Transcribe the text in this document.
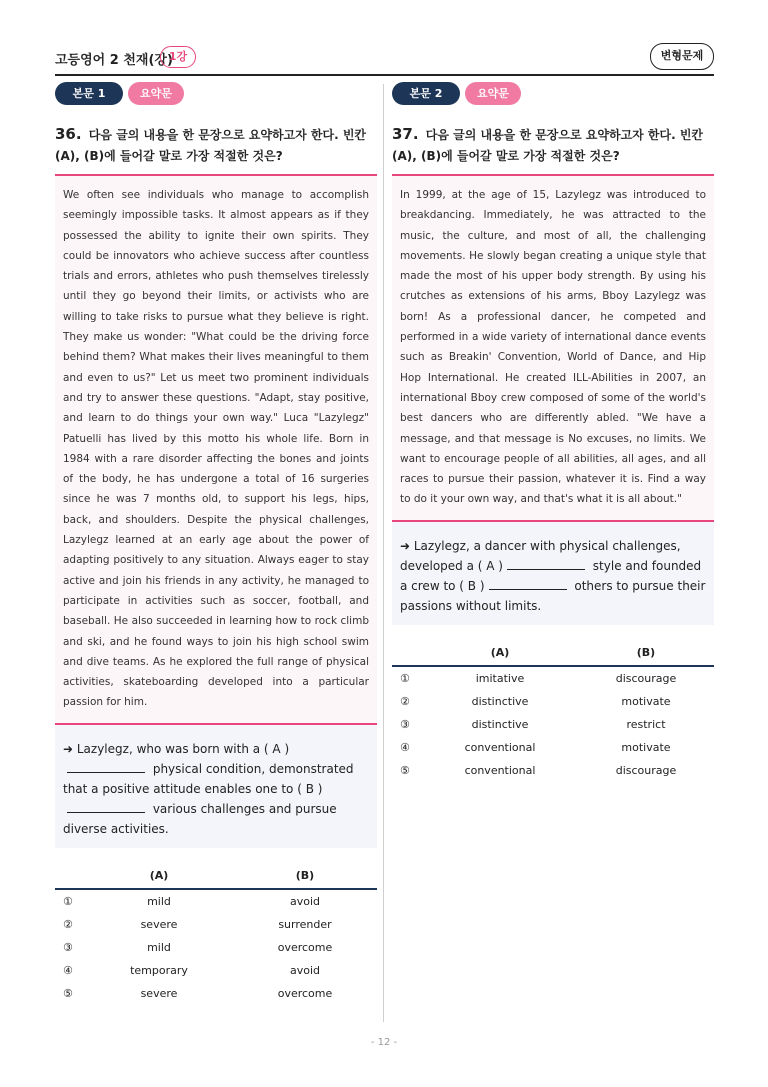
고등영어 2 천재(강)
1강	변형문제
본문 1	요약문
36. 다음 글의 내용을 한 문장으로 요약하고자 한다. 빈칸 (A), (B)에 들어갈 말로 가장 적절한 것은?
We often see individuals who manage to accomplish seemingly impossible tasks. It almost appears as if they possessed the ability to ignite their own spirits. They could be innovators who achieve success after countless trials and errors, athletes who push themselves tirelessly until they go beyond their limits, or activists who are willing to take risks to pursue what they believe is right. They make us wonder: "What could be the driving force behind them? What makes their lives meaningful to them and even to us?" Let us meet two prominent individuals and try to answer these questions. "Adapt, stay positive, and learn to do things your own way." Luca "Lazylegz" Patuelli has lived by this motto his whole life. Born in 1984 with a rare disorder affecting the bones and joints of the body, he has undergone a total of 16 surgeries since he was 7 months old, to support his legs, hips, back, and shoulders. Despite the physical challenges, Lazylegz learned at an early age about the power of adapting positively to any situation. Always eager to stay active and join his friends in any activity, he managed to participate in activities such as soccer, football, and baseball. He also succeeded in learning how to rock climb and ski, and he found ways to join his high school swim and dive teams. As he explored the full range of physical activities, skateboarding developed into a particular passion for him.
➜ Lazylegz, who was born with a ( A ) physical condition, demonstrated that a positive attitude enables one to ( B ) various challenges and pursue diverse activities.
(A)	(B)
①	mild	avoid
②	severe	surrender
③	mild	overcome
④	temporary	avoid
⑤	severe	overcome
본문 2	요약문
37. 다음 글의 내용을 한 문장으로 요약하고자 한다. 빈칸 (A), (B)에 들어갈 말로 가장 적절한 것은?
In 1999, at the age of 15, Lazylegz was introduced to breakdancing. Immediately, he was attracted to the music, the culture, and most of all, the challenging movements. He slowly began creating a unique style that made the most of his upper body strength. By using his crutches as extensions of his arms, Bboy Lazylegz was born! As a professional dancer, he competed and performed in a wide variety of international dance events such as Breakin' Convention, World of Dance, and Hip Hop International. He created ILL-Abilities in 2007, an international Bboy crew composed of some of the world's best dancers who are differently abled. "We have a message, and that message is No excuses, no limits. We want to encourage people of all abilities, all ages, and all races to pursue their passion, whatever it is. Find a way to do it your own way, and that's what it is all about."
➜ Lazylegz, a dancer with physical challenges, developed a ( A )	style and founded a crew to ( B )	others to pursue their passions without limits.
(A)	(B)
①	imitative	discourage
②	distinctive	motivate
③	distinctive	restrict
④	conventional	motivate
⑤	conventional	discourage
- 12 -
